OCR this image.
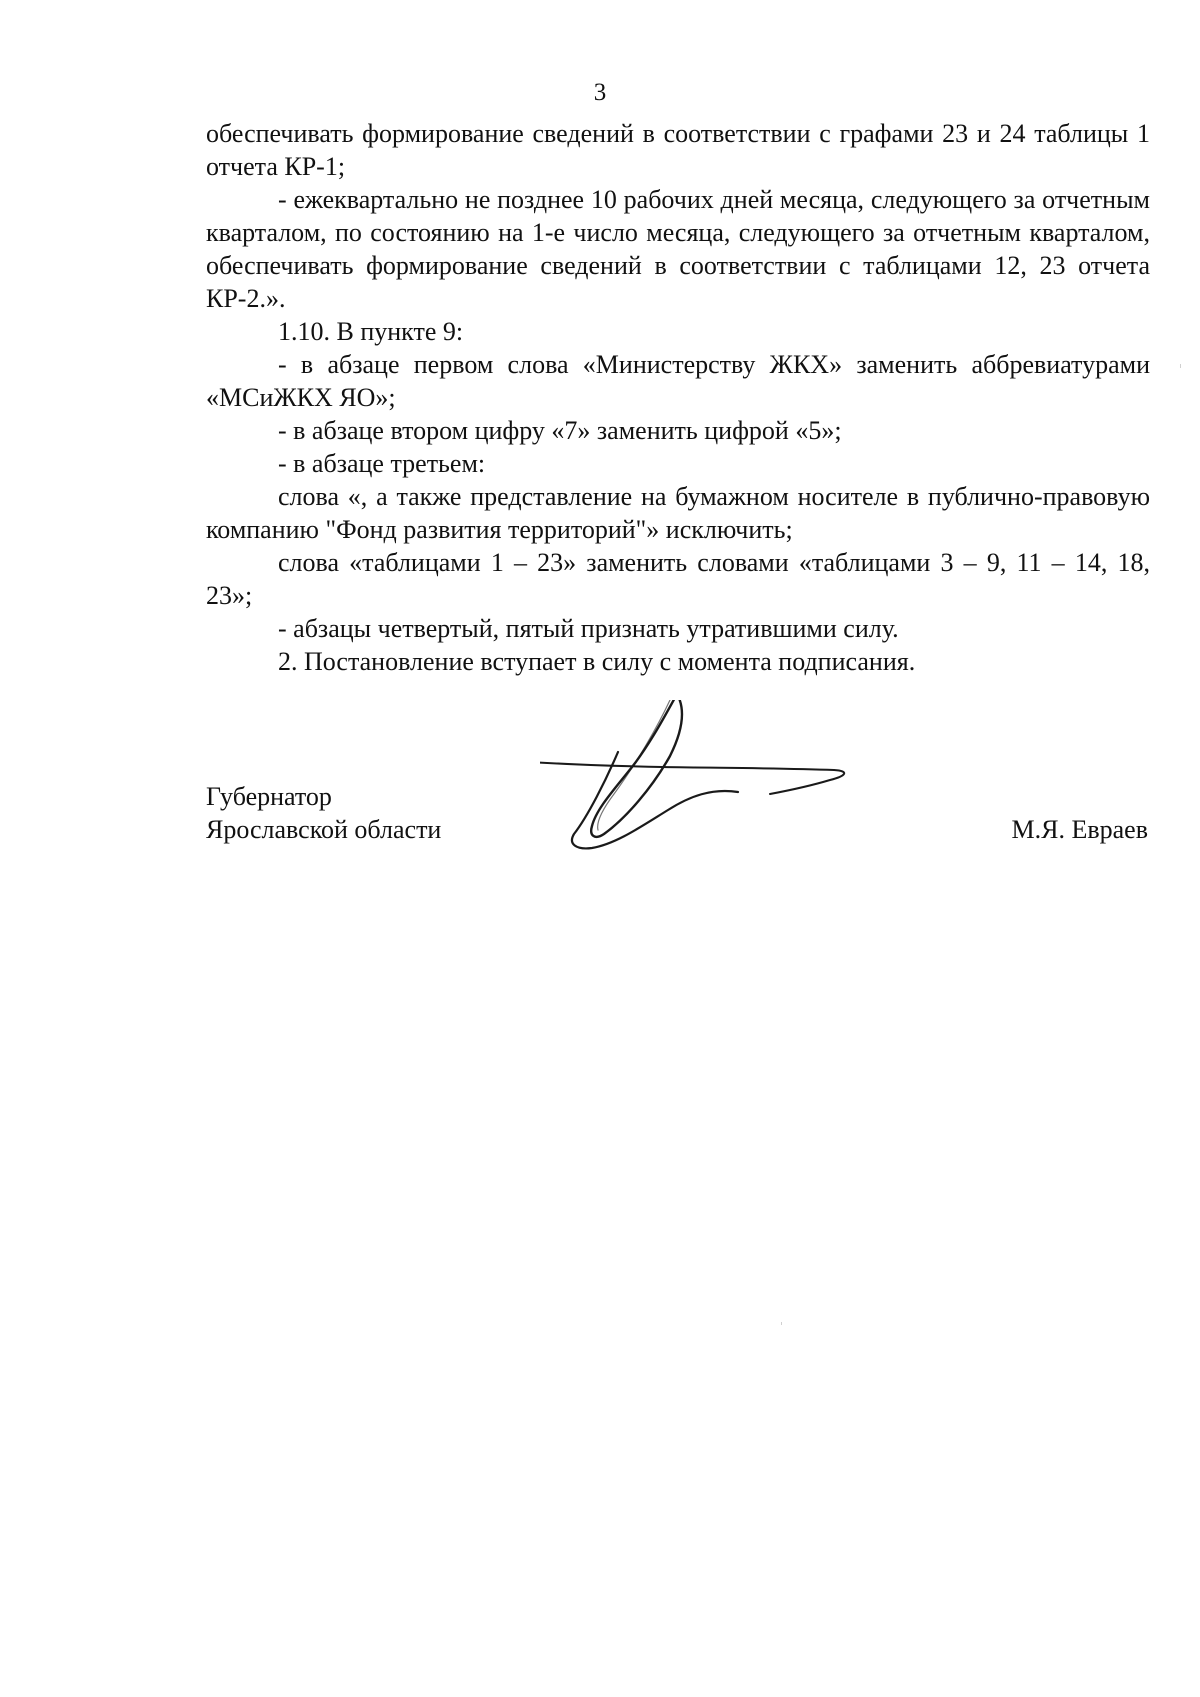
3

обеспечивать формирование сведений в соответствии с графами 23 и 24 таблицы 1 отчета КР-1;

- ежеквартально не позднее 10 рабочих дней месяца, следующего за отчетным кварталом, по состоянию на 1-е число месяца, следующего за отчетным кварталом, обеспечивать формирование сведений в соответствии с таблицами 12, 23 отчета КР-2.».

1.10. В пункте 9:

- в абзаце первом слова «Министерству ЖКХ» заменить аббревиатурами «МСиЖКХ ЯО»;

- в абзаце втором цифру «7» заменить цифрой «5»;

- в абзаце третьем:

слова «, а также представление на бумажном носителе в публично-правовую компанию "Фонд развития территорий"» исключить;

слова «таблицами 1 – 23» заменить словами «таблицами 3 – 9, 11 – 14, 18, 23»;

- абзацы четвертый, пятый признать утратившими силу.

2. Постановление вступает в силу с момента подписания.

Губернатор
Ярославской области	М.Я. Евраев
